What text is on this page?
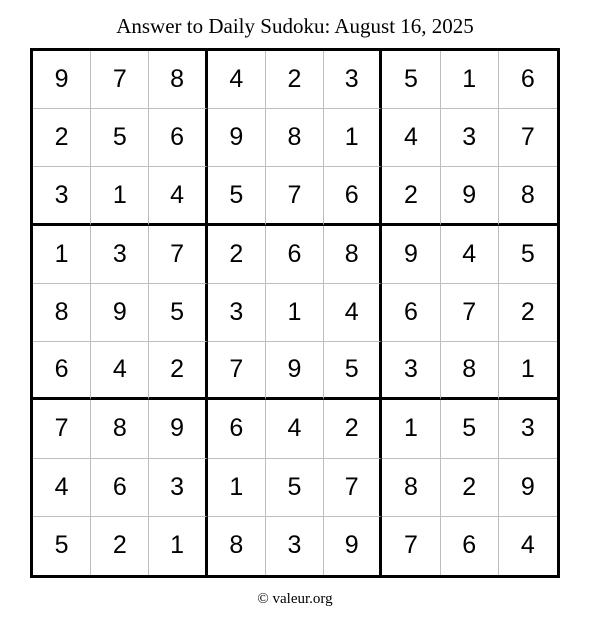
Answer to Daily Sudoku: August 16, 2025
9	7	8	4	2	3	5	1	6
2	5	6	9	8	1	4	3	7
3	1	4	5	7	6	2	9	8
1	3	7	2	6	8	9	4	5
8	9	5	3	1	4	6	7	2
6	4	2	7	9	5	3	8	1
7	8	9	6	4	2	1	5	3
4	6	3	1	5	7	8	2	9
5	2	1	8	3	9	7	6	4
© valeur.org
